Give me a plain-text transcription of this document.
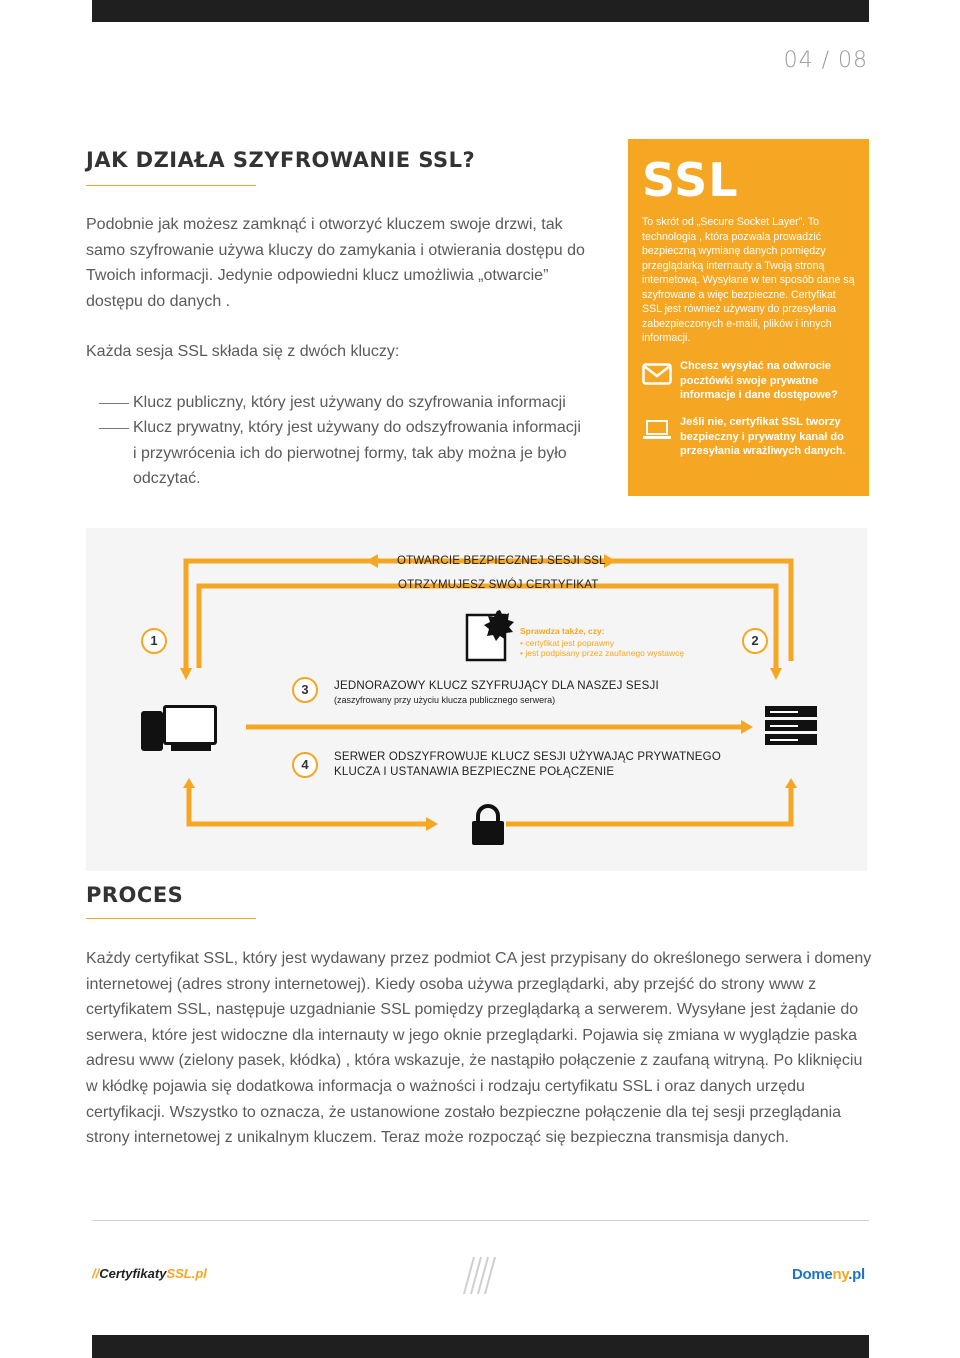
04 / 08
JAK DZIAŁA SZYFROWANIE SSL?

Podobnie jak możesz zamknąć i otworzyć kluczem swoje drzwi, tak samo szyfrowanie używa kluczy do zamykania i otwierania dostępu do Twoich informacji. Jedynie odpowiedni klucz umożliwia „otwarcie” dostępu do danych .

Każda sesja SSL składa się z dwóch kluczy:

Klucz publiczny, który jest używany do szyfrowania informacji
Klucz prywatny, który jest używany do odszyfrowania informacji i przywrócenia ich do pierwotnej formy, tak aby można je było odczytać.
SSL
To skrót od „Secure Socket Layer”. To technologia , która pozwala prowadzić bezpieczną wymianę danych pomiędzy przeglądarką internauty a Twoją stroną internetową. Wysyłane w ten sposób dane są szyfrowane a więc bezpieczne. Certyfikat SSL jest również używany do przesyłania zabezpieczonych e-maili, plików i innych informacji.
Chcesz wysyłać na odwrocie pocztówki swoje prywatne informacje i dane dostępowe?
Jeśli nie, certyfikat SSL tworzy bezpieczny i prywatny kanał do przesyłania wrażliwych danych.
OTWARCIE BEZPIECZNEJ SESJI SSL
OTRZYMUJESZ SWÓJ CERTYFIKAT
Sprawdza także, czy:
• certyfikat jest poprawny
• jest podpisany przez zaufanego wystawcę
1	2
3
4
JEDNORAZOWY KLUCZ SZYFRUJĄCY DLA NASZEJ SESJI
(zaszyfrowany przy użyciu klucza publicznego serwera)
SERWER ODSZYFROWUJE KLUCZ SESJI UŻYWAJĄC PRYWATNEGO
KLUCZA I USTANAWIA BEZPIECZNE POŁĄCZENIE
PROCES
Każdy certyfikat SSL, który jest wydawany przez podmiot CA jest przypisany do określonego serwera i domeny internetowej (adres strony internetowej). Kiedy osoba używa przeglądarki, aby przejść do strony www z certyfikatem SSL, następuje uzgadnianie SSL pomiędzy przeglądarką a serwerem. Wysyłane jest żądanie do serwera, które jest widoczne dla internauty w jego oknie przeglądarki. Pojawia się zmiana w wyglądzie paska adresu www (zielony pasek, kłódka) , która wskazuje, że nastąpiło połączenie z zaufaną witryną. Po kliknięciu w kłódkę pojawia się dodatkowa informacja o ważności i rodzaju certyfikatu SSL i oraz danych urzędu certyfikacji. Wszystko to oznacza, że ustanowione zostało bezpieczne połączenie dla tej sesji przeglądania strony internetowej z unikalnym kluczem. Teraz może rozpocząć się bezpieczna transmisja danych.
//CertyfikatySSL.pl	Domeny.pl
